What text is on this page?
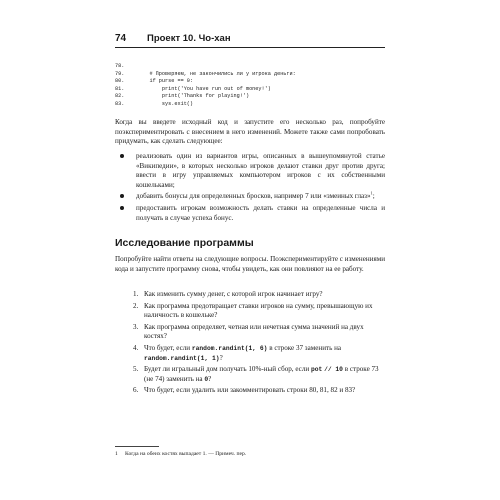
74 Проект 10. Чо-хан
78.
79.	# Проверяем, не закончились ли у игрока деньги:
80.	if purse == 0:
81.	print('You have run out of money!')
82.	print('Thanks for playing!')
83.	sys.exit()
Когда вы введете исходный код и запустите его несколько раз, попробуйте поэкспериментировать с внесением в него изменений. Можете также сами попробовать придумать, как сделать следующее:
реализовать один из вариантов игры, описанных в вышеупомянутой статье «Википедии», в которых несколько игроков делают ставки друг против друга; ввести в игру управляемых компьютером игроков с их собственными кошельками;
добавить бонусы для определенных бросков, например 7 или «змеиных глаз»$^1$;
предоставить игрокам возможность делать ставки на определенные числа и получать в случае успеха бонус.
Исследование программы
Попробуйте найти ответы на следующие вопросы. Поэкспериментируйте с изменениями кода и запустите программу снова, чтобы увидеть, как они повлияют на ее работу.
1. Как изменить сумму денег, с которой игрок начинает игру?
2. Как программа предотвращает ставки игроков на сумму, превышающую их наличность в кошельке?
3. Как программа определяет, четная или нечетная сумма значений на двух костях?
4. Что будет, если random.randint(1, 6) в строке 37 заменить на random.randint(1, 1)?
5. Будет ли игральный дом получать 10%-ный сбор, если pot // 10 в строке 73 (не 74) заменить на 0?
6. Что будет, если удалить или закомментировать строки 80, 81, 82 и 83?
1 Когда на обеих костях выпадает 1. — Примеч. пер.
